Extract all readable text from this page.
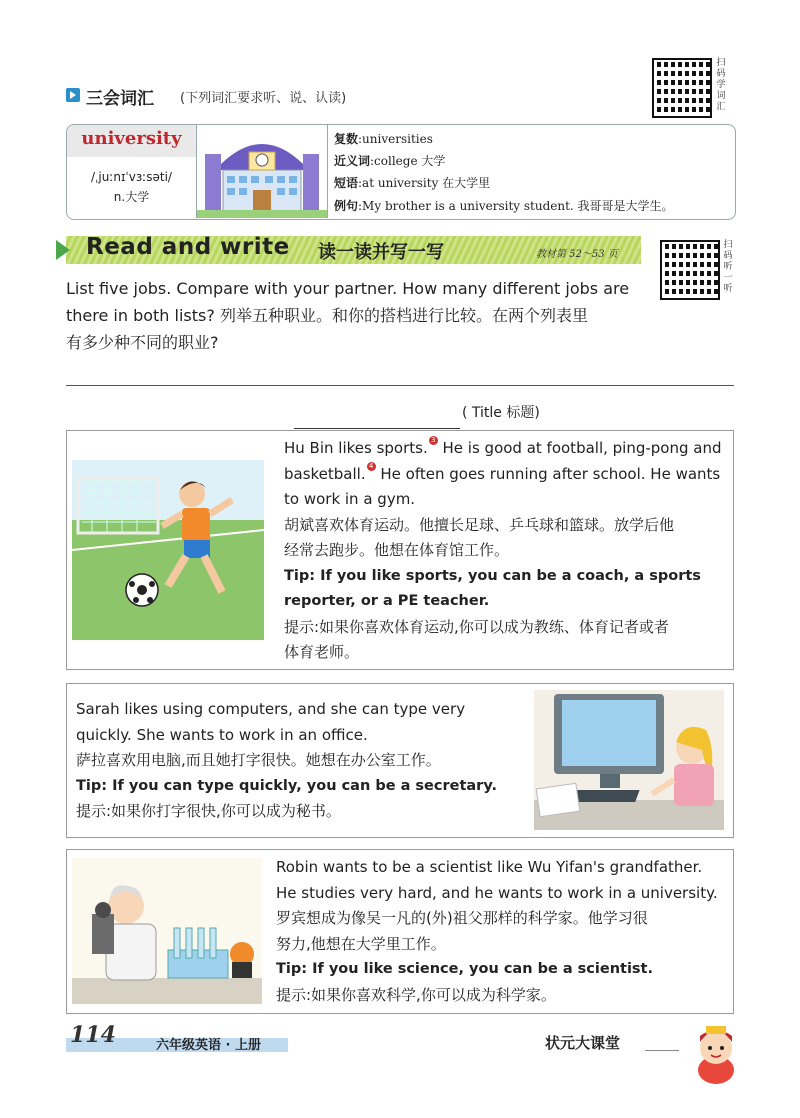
三会词汇 (下列词汇要求听、说、认读)
扫
码
学
词
汇
university
/ˌjuːnɪˈvɜːsəti/
n.大学
复数:universities
近义词:college 大学
短语:at university 在大学里
例句:My brother is a university student. 我哥哥是大学生。
Read and write 读一读并写一写	教材第 52～53 页
扫
码
听
一
听
List five jobs. Compare with your partner. How many different jobs are
there in both lists? 列举五种职业。和你的搭档进行比较。在两个列表里
有多少种不同的职业?
( Title 标题)
Hu Bin likes sports. 3 He is good at football, ping-pong and
basketball. 4 He often goes running after school. He wants
to work in a gym.
胡斌喜欢体育运动。他擅长足球、乒乓球和篮球。放学后他
经常去跑步。他想在体育馆工作。
Tip: If you like sports, you can be a coach, a sports
reporter, or a PE teacher.
提示:如果你喜欢体育运动,你可以成为教练、体育记者或者
体育老师。
Sarah likes using computers, and she can type very
quickly. She wants to work in an office.
萨拉喜欢用电脑,而且她打字很快。她想在办公室工作。
Tip: If you can type quickly, you can be a secretary.
提示:如果你打字很快,你可以成为秘书。
Robin wants to be a scientist like Wu Yifan's grandfather.
He studies very hard, and he wants to work in a university.
罗宾想成为像吴一凡的(外)祖父那样的科学家。他学习很
努力,他想在大学里工作。
Tip: If you like science, you can be a scientist.
提示:如果你喜欢科学,你可以成为科学家。
114	六年级英语 · 上册	状元大课堂
